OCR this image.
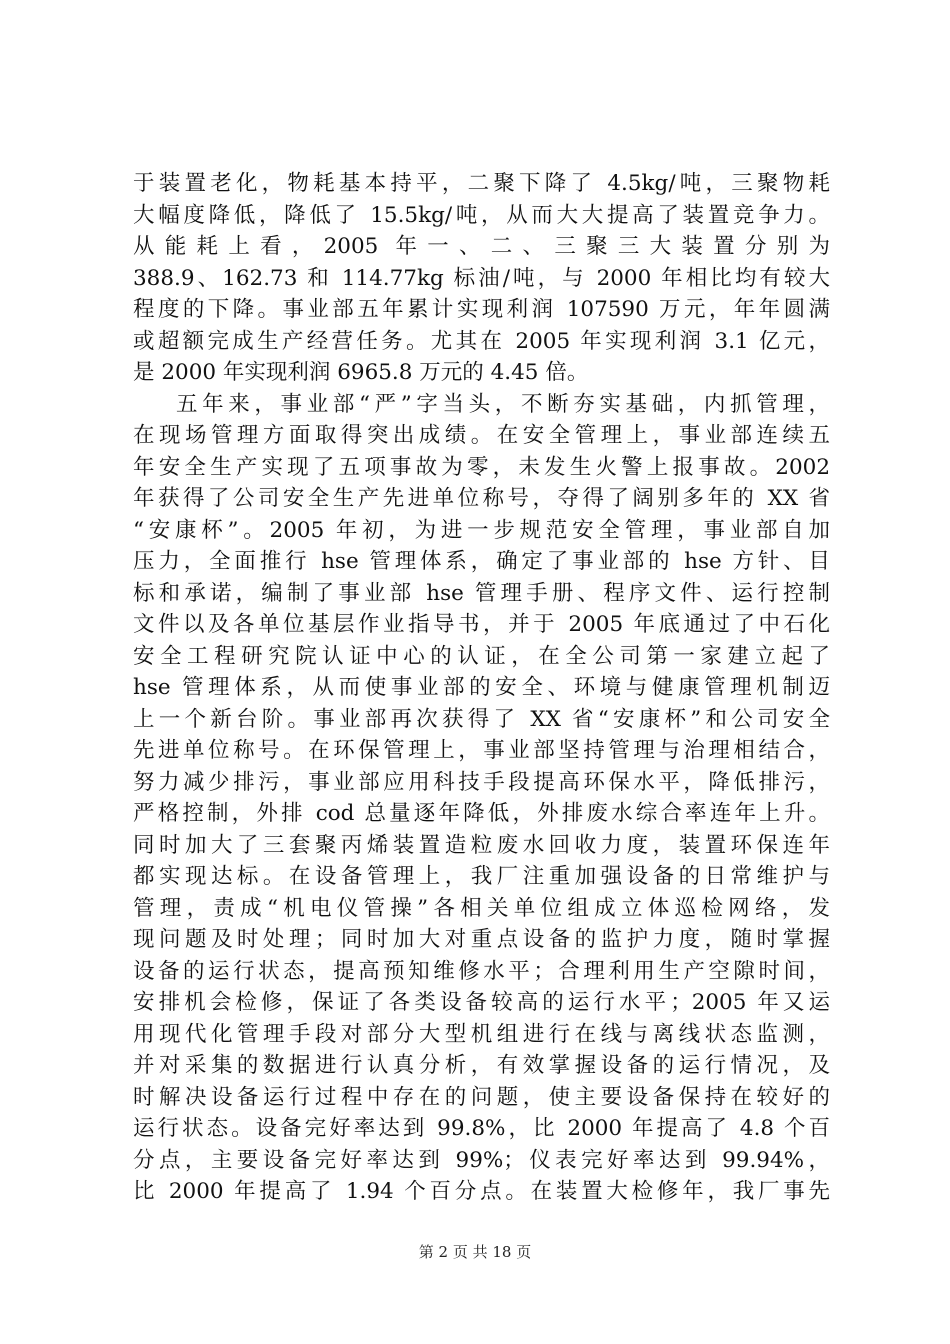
于装置老化，物耗基本持平，二聚下降了 4.5kg/吨，三聚物耗
大幅度降低，降低了 15.5kg/吨，从而大大提高了装置竞争力。
从能耗上看，2005 年一、二、三聚三大装置分别为
388.9、162.73 和 114.77kg 标油/吨，与 2000 年相比均有较大
程度的下降。事业部五年累计实现利润 107590 万元，年年圆满
或超额完成生产经营任务。尤其在 2005 年实现利润 3.1 亿元，
是 2000 年实现利润 6965.8 万元的 4.45 倍。
五年来，事业部“严”字当头，不断夯实基础，内抓管理，
在现场管理方面取得突出成绩。在安全管理上，事业部连续五
年安全生产实现了五项事故为零，未发生火警上报事故。2002
年获得了公司安全生产先进单位称号，夺得了阔别多年的 XX 省
“安康杯”。2005 年初，为进一步规范安全管理，事业部自加
压力，全面推行 hse 管理体系，确定了事业部的 hse 方针、目
标和承诺，编制了事业部 hse 管理手册、程序文件、运行控制
文件以及各单位基层作业指导书，并于 2005 年底通过了中石化
安全工程研究院认证中心的认证，在全公司第一家建立起了
hse 管理体系，从而使事业部的安全、环境与健康管理机制迈
上一个新台阶。事业部再次获得了 XX 省“安康杯”和公司安全
先进单位称号。在环保管理上，事业部坚持管理与治理相结合，
努力减少排污，事业部应用科技手段提高环保水平，降低排污，
严格控制，外排 cod 总量逐年降低，外排废水综合率连年上升。
同时加大了三套聚丙烯装置造粒废水回收力度，装置环保连年
都实现达标。在设备管理上，我厂注重加强设备的日常维护与
管理，责成“机电仪管操”各相关单位组成立体巡检网络，发
现问题及时处理；同时加大对重点设备的监护力度，随时掌握
设备的运行状态，提高预知维修水平；合理利用生产空隙时间，
安排机会检修，保证了各类设备较高的运行水平；2005 年又运
用现代化管理手段对部分大型机组进行在线与离线状态监测，
并对采集的数据进行认真分析，有效掌握设备的运行情况，及
时解决设备运行过程中存在的问题，使主要设备保持在较好的
运行状态。设备完好率达到 99.8%，比 2000 年提高了 4.8 个百
分点，主要设备完好率达到 99%；仪表完好率达到 99.94%，
比 2000 年提高了 1.94 个百分点。在装置大检修年，我厂事先
第 2 页 共 18 页
